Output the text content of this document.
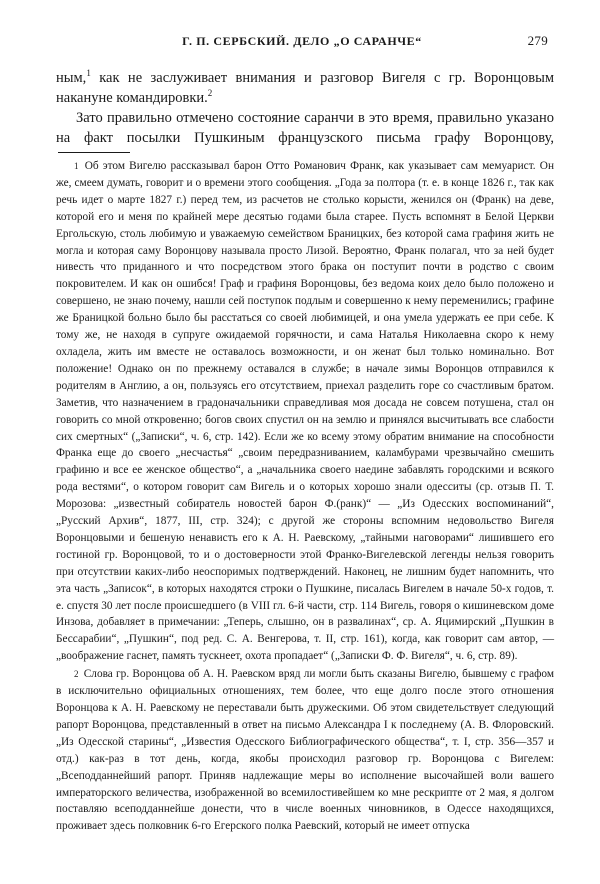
Г. П. СЕРБСКИЙ. ДЕЛО „О САРАНЧЕ“	279

ным,$^1$ как не заслуживает внимания и разговор Вигеля с гр. Воронцовым

накануне командировки.$^2$

Зато правильно отмечено состояние саранчи в это время, правильно указано на факт посылки Пушкиным французского письма графу Воронцову,

1 Об этом Вигелю рассказывал барон Отто Романович Франк, как указывает сам мемуарист. Он же, смеем думать, говорит и о времени этого сообщения. „Года за полтора (т. е. в конце 1826 г., так как речь идет о марте 1827 г.) перед тем, из расчетов не столько корысти, женился он (Франк) на деве, которой его и меня по крайней мере десятью годами была старее. Пусть вспомнят в Белой Церкви Ергольскую, столь любимую и уважаемую семейством Браницких, без которой сама графиня жить не могла и которая саму Воронцову называла просто Лизой. Вероятно, Франк полагал, что за ней будет нивесть что приданного и что посредством этого брака он поступит почти в родство с своим покровителем. И как он ошибся! Граф и графиня Воронцовы, без ведома коих дело было положено и совершено, не знаю почему, нашли сей поступок подлым и совершенно к нему переменились; графине же Браницкой больно было бы расстаться со своей любимицей, и она умела удержать ее при себе. К тому же, не находя в супруге ожидаемой горячности, и сама Наталья Николаевна скоро к нему охладела, жить им вместе не оставалось возможности, и он женат был только номинально. Вот положение! Однако он по прежнему оставался в службе; в начале зимы Воронцов отправился к родителям в Англию, а он, пользуясь его отсутствием, приехал разделить горе со счастливым братом. Заметив, что назначением в градоначальники справедливая моя досада не совсем потушена, стал он говорить со мной откровенно; богов своих спустил он на землю и принялся высчитывать все слабости сих смертных“ („Записки“, ч. 6, стр. 142). Если же ко всему этому обратим внимание на способности Франка еще до своего „несчастья“ „своим передразниванием, каламбурами чрезвычайно смешить графиню и все ее женское общество“, а „начальника своего наедине забавлять городскими и всякого рода вестями“, о котором говорит сам Вигель и о которых хорошо знали одесситы (ср. отзыв П. Т. Морозова: „известный собиратель новостей барон Ф.(ранк)“ — „Из Одесских воспоминаний“, „Русский Архив“, 1877, III, стр. 324); с другой же стороны вспомним недовольство Вигеля Воронцовыми и бешеную ненависть его к А. Н. Раевскому, „тайными наговорами“ лишившего его гостиной гр. Воронцовой, то и о достоверности этой Франко-Вигелевской легенды нельзя говорить при отсутствии каких-либо неоспоримых подтверждений. Наконец, не лишним будет напомнить, что эта часть „Записок“, в которых находятся строки о Пушкине, писалась Вигелем в начале 50-х годов, т. е. спустя 30 лет после происшедшего (в VIII гл. 6-й части, стр. 114 Вигель, говоря о кишиневском доме Инзова, добавляет в примечании: „Теперь, слышно, он в развалинах“, ср. А. Яцимирский „Пушкин в Бессарабии“, „Пушкин“, под ред. С. А. Венгерова, т. II, стр. 161), когда, как говорит сам автор, — „воображение гаснет, память тускнеет, охота пропадает“ („Записки Ф. Ф. Вигеля“, ч. 6, стр. 89).

2 Слова гр. Воронцова об А. Н. Раевском вряд ли могли быть сказаны Вигелю, бывшему с графом в исключительно официальных отношениях, тем более, что еще долго после этого отношения Воронцова к А. Н. Раевскому не переставали быть дружескими. Об этом свидетельствует следующий рапорт Воронцова, представленный в ответ на письмо Александра I к последнему (А. В. Флоровский. „Из Одесской старины“, „Известия Одесского Библиографического общества“, т. I, стр. 356—357 и отд.) как-раз в тот день, когда, якобы происходил разговор гр. Воронцова с Вигелем: „Всеподданнейший рапорт. Приняв надлежащие меры во исполнение высочайшей воли вашего императорского величества, изображенной во всемилостивейшем ко мне рескрипте от 2 мая, я долгом поставляю всеподданнейше донести, что в числе военных чиновников, в Одессе находящихся, проживает здесь полковник 6-го Егерского полка Раевский, который не имеет отпуска
